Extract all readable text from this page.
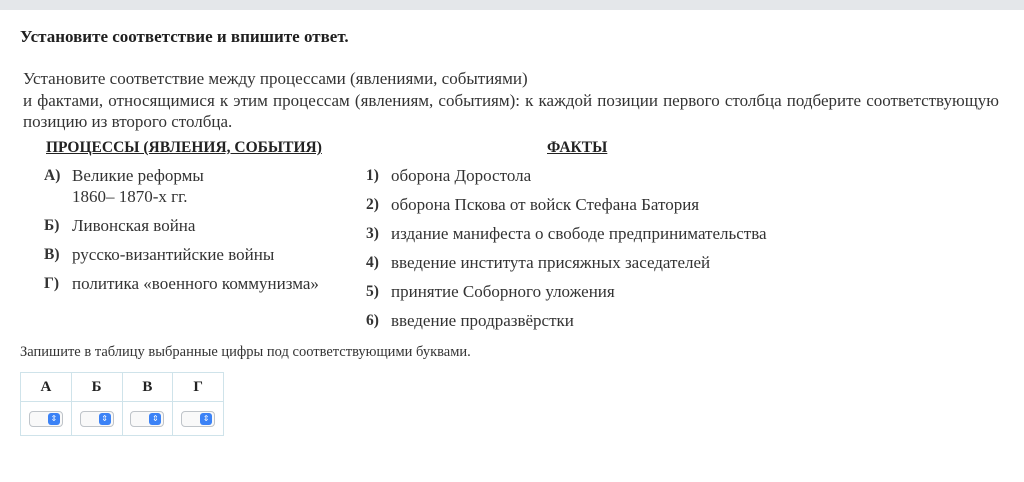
Установите соответствие и впишите ответ.

Установите соответствие между процессами (явлениями, событиями)

и фактами, относящимися к этим процессам (явлениям, событиям): к каждой позиции первого столбца подберите соответствующую позицию из второго столбца.

ПРОЦЕССЫ (ЯВЛЕНИЯ, СОБЫТИЯ)	ФАКТЫ
А) Великие реформы
1860– 1870-х гг.
Б) Ливонская война
В) русско-византийские войны
Г) политика «военного коммунизма»
1) оборона Доростола
2) оборона Пскова от войск Стефана Батория
3) издание манифеста о свободе предпринимательства
4) введение института присяжных заседателей
5) принятие Соборного уложения
6) введение продразвёрстки
Запишите в таблицу выбранные цифры под соответствующими буквами.
А	Б	В	Г

⇕	⇕	⇕	⇕
